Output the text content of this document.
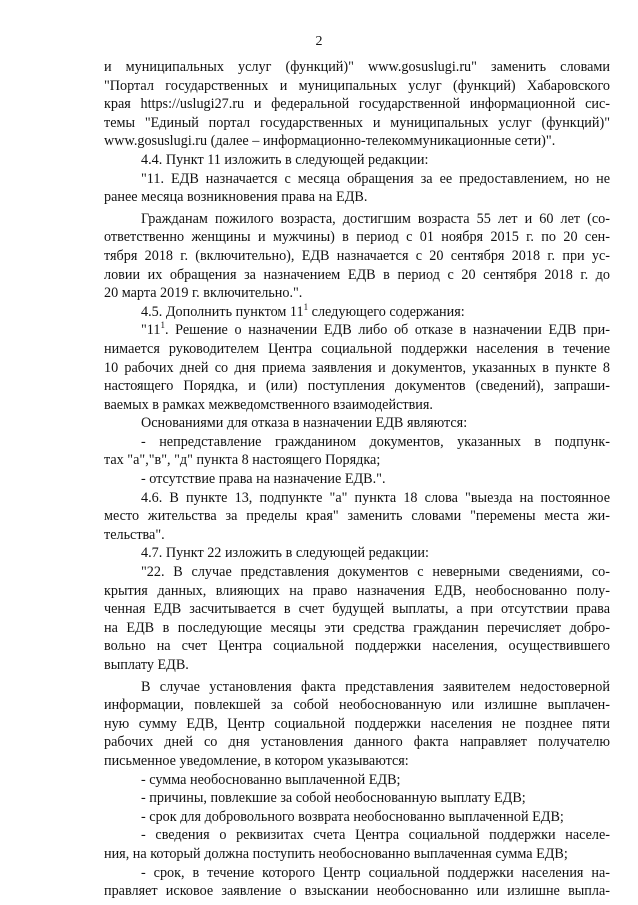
2
и муниципальных услуг (функций)" www.gosuslugi.ru" заменить словами
"Портал государственных и муниципальных услуг (функций) Хабаровского
края https://uslugi27.ru и федеральной государственной информационной сис-
темы "Единый портал государственных и муниципальных услуг (функций)"
www.gosuslugi.ru (далее – информационно-телекоммуникационные сети)".
4.4. Пункт 11 изложить в следующей редакции:
"11. ЕДВ назначается с месяца обращения за ее предоставлением, но не
ранее месяца возникновения права на ЕДВ.
Гражданам пожилого возраста, достигшим возраста 55 лет и 60 лет (со-
ответственно женщины и мужчины) в период с 01 ноября 2015 г. по 20 сен-
тября 2018 г. (включительно), ЕДВ назначается с 20 сентября 2018 г. при ус-
ловии их обращения за назначением ЕДВ в период с 20 сентября 2018 г. до
20 марта 2019 г. включительно.".
4.5. Дополнить пунктом $11^1$ следующего содержания:
"$11^1$. Решение о назначении ЕДВ либо об отказе в назначении ЕДВ при-
нимается руководителем Центра социальной поддержки населения в течение
10 рабочих дней со дня приема заявления и документов, указанных в пункте 8
настоящего Порядка, и (или) поступления документов (сведений), запраши-
ваемых в рамках межведомственного взаимодействия.
Основаниями для отказа в назначении ЕДВ являются:
- непредставление гражданином документов, указанных в подпунк-
тах "а","в", "д" пункта 8 настоящего Порядка;
- отсутствие права на назначение ЕДВ.".
4.6. В пункте 13, подпункте "а" пункта 18 слова "выезда на постоянное
место жительства за пределы края" заменить словами "перемены места жи-
тельства".
4.7. Пункт 22 изложить в следующей редакции:
"22. В случае представления документов с неверными сведениями, со-
крытия данных, влияющих на право назначения ЕДВ, необоснованно полу-
ченная ЕДВ засчитывается в счет будущей выплаты, а при отсутствии права
на ЕДВ в последующие месяцы эти средства гражданин перечисляет добро-
вольно на счет Центра социальной поддержки населения, осуществившего
выплату ЕДВ.
В случае установления факта представления заявителем недостоверной
информации, повлекшей за собой необоснованную или излишне выплачен-
ную сумму ЕДВ, Центр социальной поддержки населения не позднее пяти
рабочих дней со дня установления данного факта направляет получателю
письменное уведомление, в котором указываются:
- сумма необоснованно выплаченной ЕДВ;
- причины, повлекшие за собой необоснованную выплату ЕДВ;
- срок для добровольного возврата необоснованно выплаченной ЕДВ;
- сведения о реквизитах счета Центра социальной поддержки населе-
ния, на который должна поступить необоснованно выплаченная сумма ЕДВ;
- срок, в течение которого Центр социальной поддержки населения на-
правляет исковое заявление о взыскании необоснованно или излишне выпла-
